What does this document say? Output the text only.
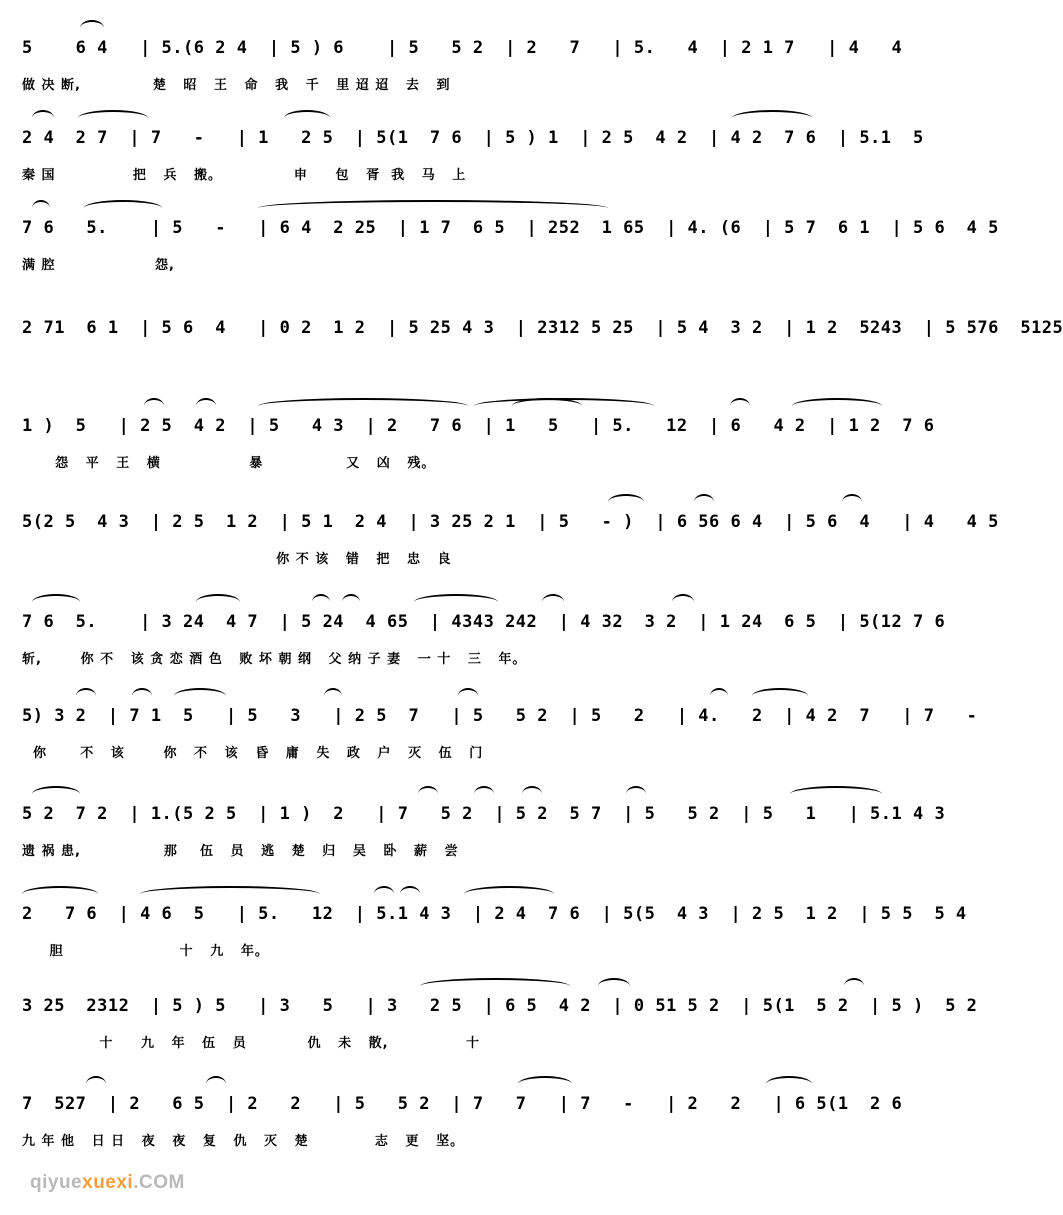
5    6 4   | 5.(6 2 4  | 5 ) 6    | 5   5 2  | 2   7   | 5.   4  | 2 1 7   | 4   4
做 决 断,             楚   昭   王   命   我   千   里 迢 迢   去   到
2 4  2 7  | 7   -   | 1   2 5  | 5(1  7 6  | 5 ) 1  | 2 5  4 2  | 4 2  7 6  | 5.1  5
秦 国              把   兵   搬。             申     包   胥  我   马   上
7 6   5.    | 5   -   | 6 4  2 25  | 1 7  6 5  | 252  1 65  | 4. (6  | 5 7  6 1  | 5 6  4 5
满 腔                  怨,
2 71  6 1  | 5 6  4   | 0 2  1 2  | 5 25 4 3  | 2312 5 25  | 5 4  3 2  | 1 2  5243  | 5 576  5125
1 )  5   | 2 5  4 2  | 5   4 3  | 2   7 6  | 1   5   | 5.   12  | 6   4 2  | 1 2  7 6
怨   平   王   横                暴               又   凶   残。
5(2 5  4 3  | 2 5  1 2  | 5 1  2 4  | 3 25 2 1  | 5   - )  | 6 56 6 4  | 5 6  4   | 4   4 5
你 不 该   错   把   忠   良
7 6  5.    | 3 24  4 7  | 5 24  4 65  | 4343 242  | 4 32  3 2  | 1 24  6 5  | 5(12 7 6
斩,       你 不   该 贪 恋 酒 色   败 坏 朝 纲   父 纳 子 妻   一 十   三   年。
5) 3 2  | 7 1  5   | 5   3   | 2 5  7   | 5   5 2  | 5   2   | 4.   2  | 4 2  7   | 7   -
你      不   该       你   不   该   昏   庸   失   政   户   灭   伍   门
5 2  7 2  | 1.(5 2 5  | 1 )  2   | 7   5 2  | 5 2  5 7  | 5   5 2  | 5   1   | 5.1 4 3
遗 祸 患,               那    伍   员   逃   楚   归   吴   卧   薪   尝
2   7 6  | 4 6  5   | 5.   12  | 5.1 4 3  | 2 4  7 6  | 5(5  4 3  | 2 5  1 2  | 5 5  5 4
胆                     十   九   年。
3 25  2312  | 5 ) 5   | 3   5   | 3   2 5  | 6 5  4 2  | 0 51 5 2  | 5(1  5 2  | 5 )  5 2
十     九   年   伍   员           仇   未   散,              十
7  527  | 2   6 5  | 2   2   | 5   5 2  | 7   7   | 7   -   | 2   2   | 6 5(1  2 6
九 年 他   日 日   夜   夜   复   仇   灭   楚            志   更   坚。
qiyuexuexi.COM
